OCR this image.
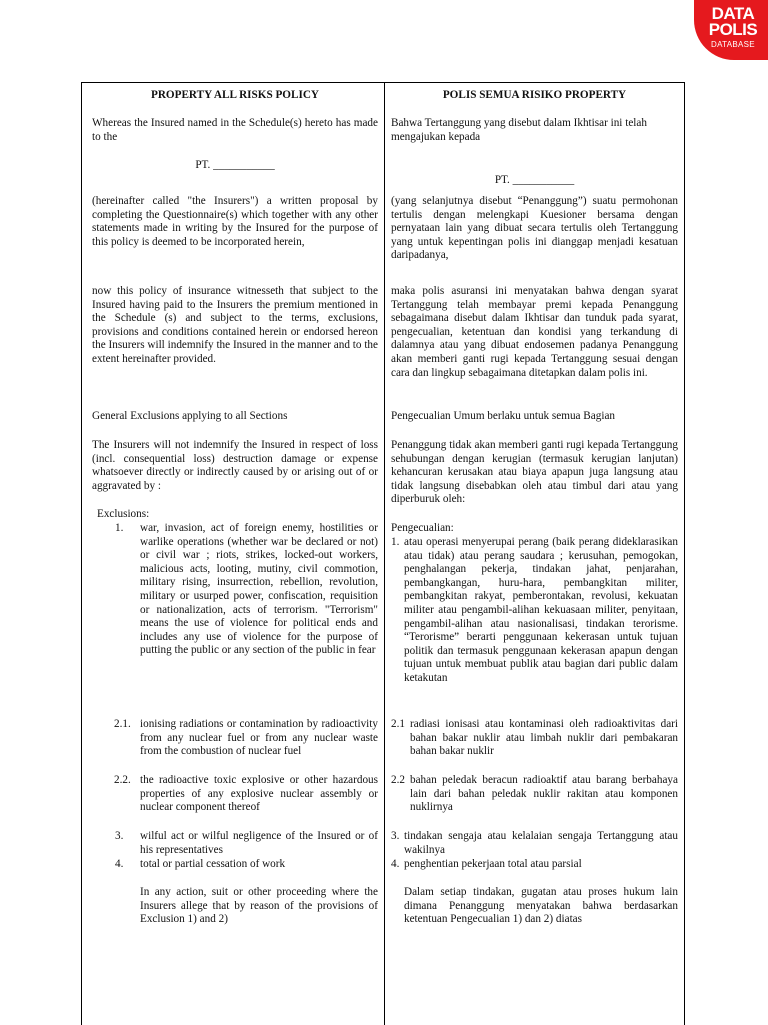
DATA
POLIS
DATABASE
PROPERTY ALL RISKS POLICY
Whereas the Insured named in the Schedule(s) hereto has made to the
PT. ___________
(hereinafter called "the Insurers") a written proposal by completing the Questionnaire(s) which together with any other statements made in writing by the Insured for the purpose of this policy is deemed to be incorporated herein,
now this policy of insurance witnesseth that subject to the Insured having paid to the Insurers the premium mentioned in the Schedule (s) and subject to the terms, exclusions, provisions and conditions contained herein or endorsed hereon the Insurers will indemnify the Insured in the manner and to the extent hereinafter provided.
General Exclusions applying to all Sections
The Insurers will not indemnify the Insured in respect of loss (incl. consequential loss) destruction damage or expense whatsoever directly or indirectly caused by or arising out of or aggravated by :
Exclusions:
1. war, invasion, act of foreign enemy, hostilities or warlike operations (whether war be declared or not) or civil war ; riots, strikes, locked-out workers, malicious acts, looting, mutiny, civil commotion, military rising, insurrection, rebellion, revolution, military or usurped power, confiscation, requisition or nationalization, acts of terrorism. "Terrorism" means the use of violence for political ends and includes any use of violence for the purpose of putting the public or any section of the public in fear
2.1. ionising radiations or contamination by radioactivity from any nuclear fuel or from any nuclear waste from the combustion of nuclear fuel
2.2. the radioactive toxic explosive or other hazardous properties of any explosive nuclear assembly or nuclear component thereof
3. wilful act or wilful negligence of the Insured or of his representatives
4. total or partial cessation of work
In any action, suit or other proceeding where the Insurers allege that by reason of the provisions of Exclusion 1) and 2)
POLIS SEMUA RISIKO PROPERTY
Bahwa Tertanggung yang disebut dalam Ikhtisar ini telah mengajukan kepada
PT. ___________
(yang selanjutnya disebut “Penanggung”) suatu permohonan tertulis dengan melengkapi Kuesioner bersama dengan pernyataan lain yang dibuat secara tertulis oleh Tertanggung yang untuk kepentingan polis ini dianggap menjadi kesatuan daripadanya,
maka polis asuransi ini menyatakan bahwa dengan syarat Tertanggung telah membayar premi kepada Penanggung sebagaimana disebut dalam Ikhtisar dan tunduk pada syarat, pengecualian, ketentuan dan kondisi yang terkandung di dalamnya atau yang dibuat endosemen padanya Penanggung akan memberi ganti rugi kepada Tertanggung sesuai dengan cara dan lingkup sebagaimana ditetapkan dalam polis ini.
Pengecualian Umum berlaku untuk semua Bagian
Penanggung tidak akan memberi ganti rugi kepada Tertanggung sehubungan dengan kerugian (termasuk kerugian lanjutan) kehancuran kerusakan atau biaya apapun juga langsung atau tidak langsung disebabkan oleh atau timbul dari atau yang diperburuk oleh:
Pengecualian:
1. atau operasi menyerupai perang (baik perang dideklarasikan atau tidak) atau perang saudara ; kerusuhan, pemogokan, penghalangan pekerja, tindakan jahat, penjarahan, pembangkangan, huru-hara, pembangkitan militer, pembangkitan rakyat, pemberontakan, revolusi, kekuatan militer atau pengambil-alihan kekuasaan militer, penyitaan, pengambil-alihan atau nasionalisasi, tindakan terorisme. “Terorisme” berarti penggunaan kekerasan untuk tujuan politik dan termasuk penggunaan kekerasan apapun dengan tujuan untuk membuat publik atau bagian dari public dalam ketakutan
2.1 radiasi ionisasi atau kontaminasi oleh radioaktivitas dari bahan bakar nuklir atau limbah nuklir dari pembakaran bahan bakar nuklir
2.2 bahan peledak beracun radioaktif atau barang berbahaya lain dari bahan peledak nuklir rakitan atau komponen nuklirnya
3. tindakan sengaja atau kelalaian sengaja Tertanggung atau wakilnya
4. penghentian pekerjaan total atau parsial
Dalam setiap tindakan, gugatan atau proses hukum lain dimana Penanggung menyatakan bahwa berdasarkan ketentuan Pengecualian 1) dan 2) diatas
